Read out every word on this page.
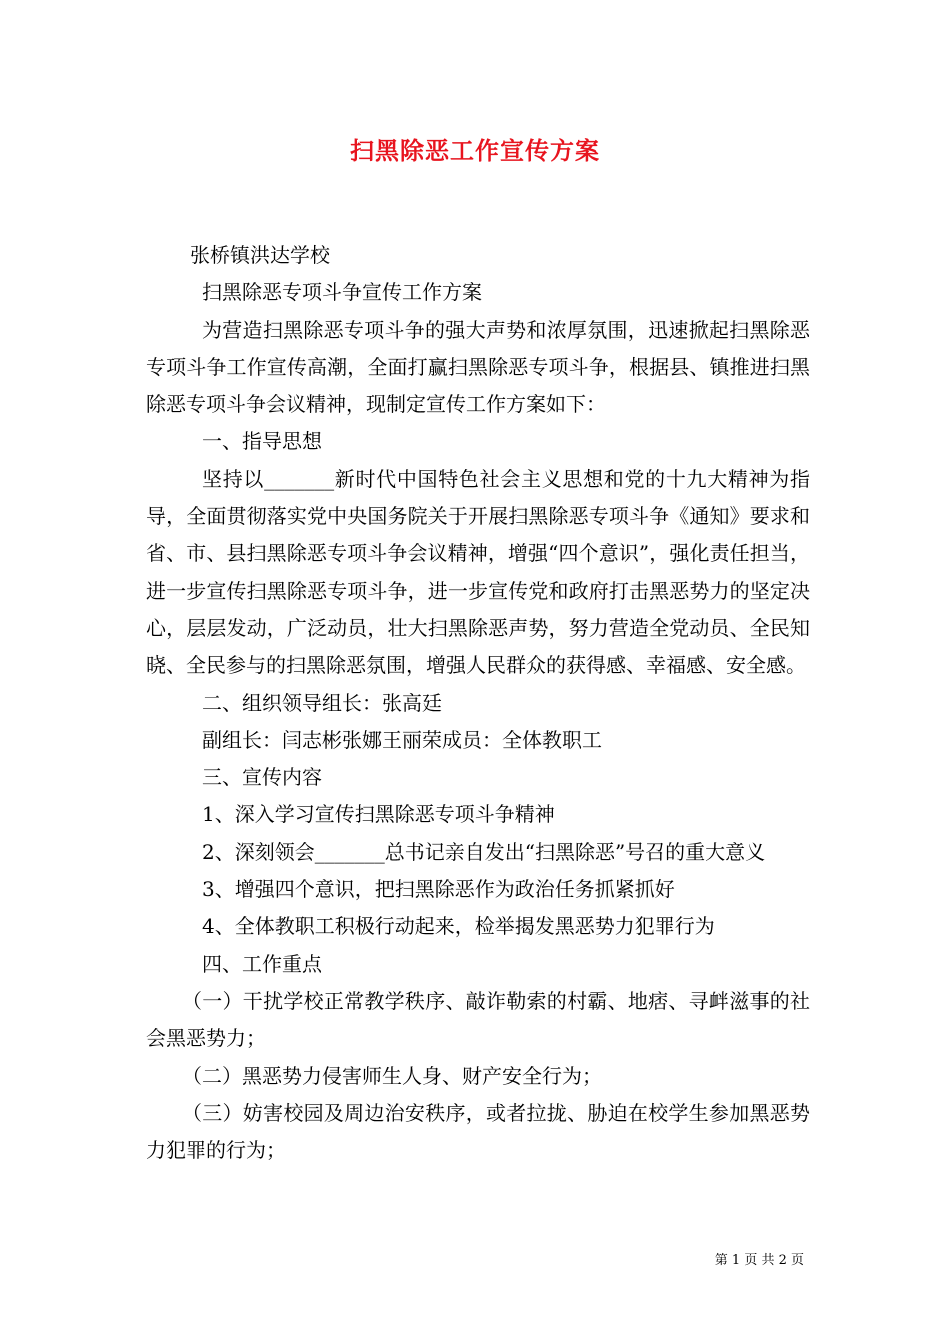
扫黑除恶工作宣传方案

张桥镇洪达学校

扫黑除恶专项斗争宣传工作方案

为营造扫黑除恶专项斗争的强大声势和浓厚氛围，迅速掀起扫黑除恶专项斗争工作宣传高潮，全面打赢扫黑除恶专项斗争，根据县、镇推进扫黑除恶专项斗争会议精神，现制定宣传工作方案如下：

一、指导思想

坚持以_______新时代中国特色社会主义思想和党的十九大精神为指导，全面贯彻落实党中央国务院关于开展扫黑除恶专项斗争《通知》要求和省、市、县扫黑除恶专项斗争会议精神，增强“四个意识”，强化责任担当，进一步宣传扫黑除恶专项斗争，进一步宣传党和政府打击黑恶势力的坚定决心，层层发动，广泛动员，壮大扫黑除恶声势，努力营造全党动员、全民知晓、全民参与的扫黑除恶氛围，增强人民群众的获得感、幸福感、安全感。

二、组织领导组长：张高廷

副组长：闫志彬张娜王丽荣成员：全体教职工

三、宣传内容

1、深入学习宣传扫黑除恶专项斗争精神

2、深刻领会_______总书记亲自发出“扫黑除恶”号召的重大意义

3、增强四个意识，把扫黑除恶作为政治任务抓紧抓好

4、全体教职工积极行动起来，检举揭发黑恶势力犯罪行为

四、工作重点

（一）干扰学校正常教学秩序、敲诈勒索的村霸、地痞、寻衅滋事的社会黑恶势力；

（二）黑恶势力侵害师生人身、财产安全行为；

（三）妨害校园及周边治安秩序，或者拉拢、胁迫在校学生参加黑恶势力犯罪的行为；

第 1 页 共 2 页
